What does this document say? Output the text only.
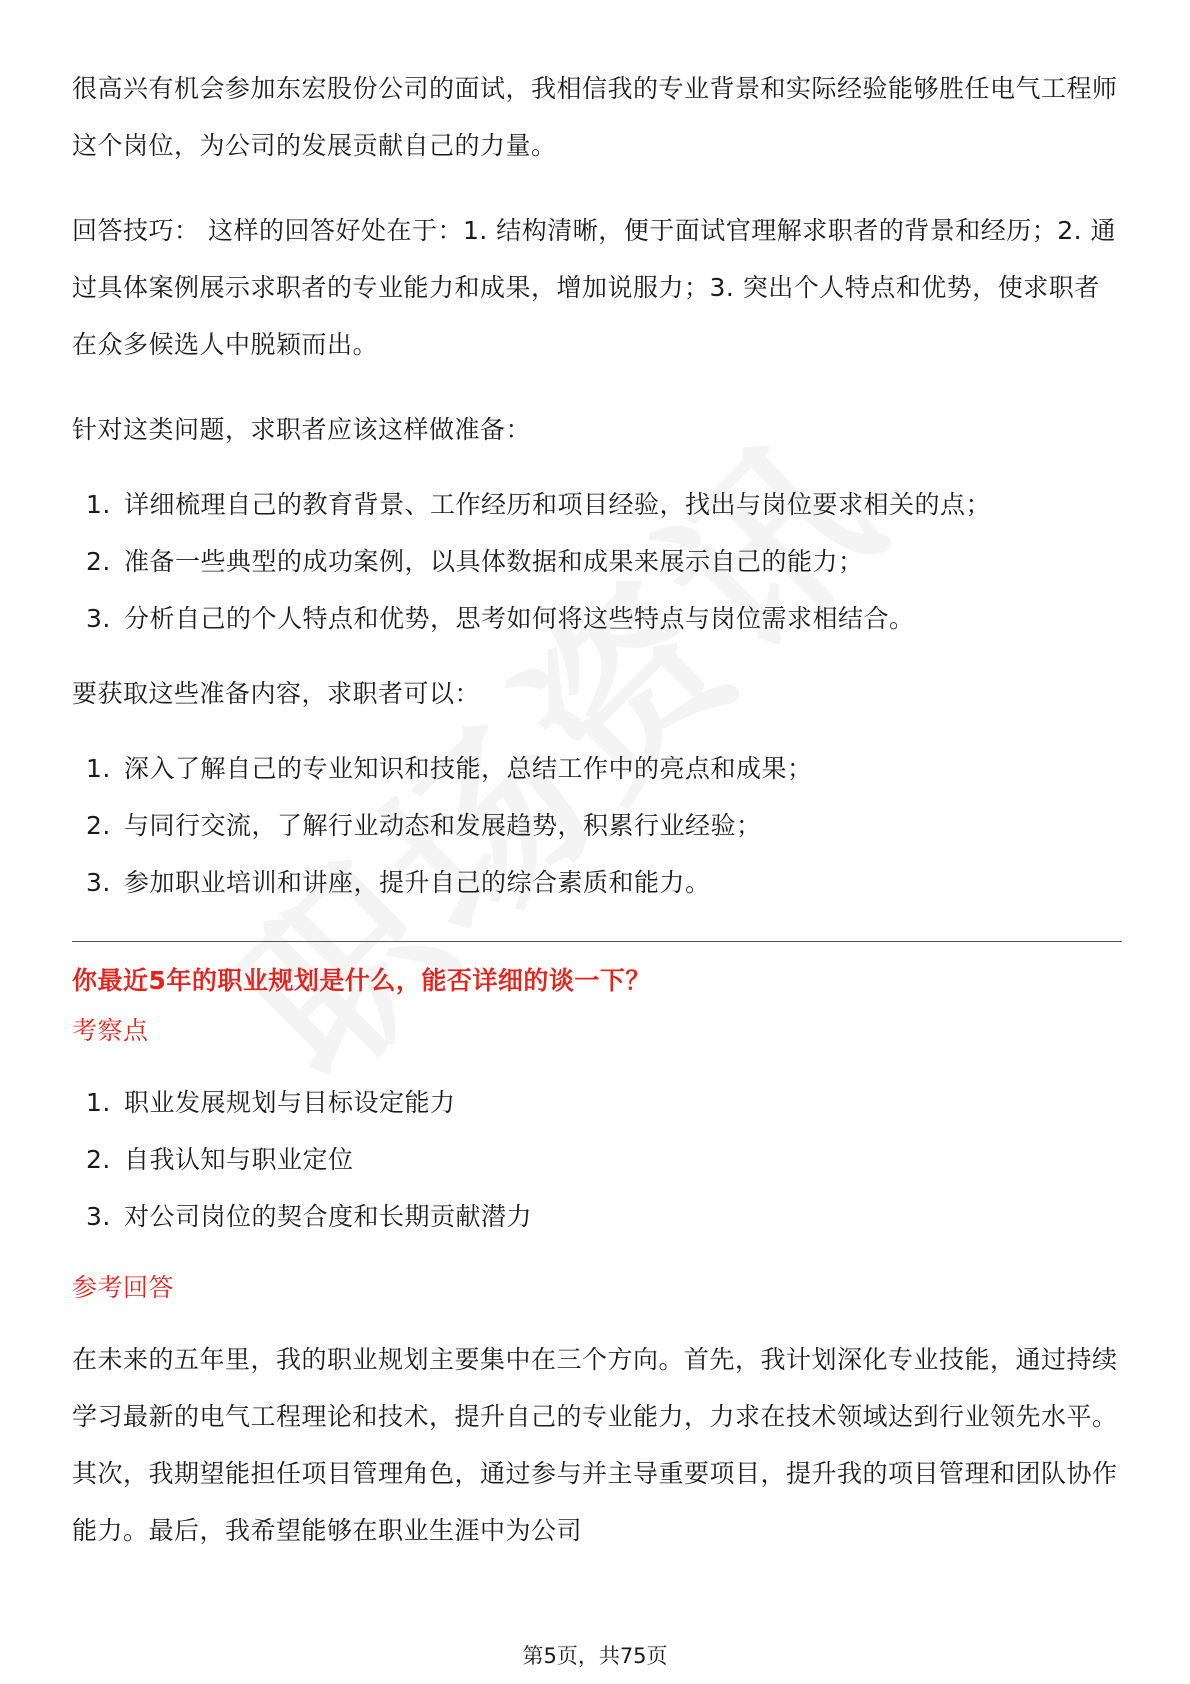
很高兴有机会参加东宏股份公司的面试，我相信我的专业背景和实际经验能够胜任电气工程师这个岗位，为公司的发展贡献自己的力量。

回答技巧： 这样的回答好处在于：1. 结构清晰，便于面试官理解求职者的背景和经历；2. 通过具体案例展示求职者的专业能力和成果，增加说服力；3. 突出个人特点和优势，使求职者在众多候选人中脱颖而出。

针对这类问题，求职者应该这样做准备：

1. 详细梳理自己的教育背景、工作经历和项目经验，找出与岗位要求相关的点；
2. 准备一些典型的成功案例，以具体数据和成果来展示自己的能力；
3. 分析自己的个人特点和优势，思考如何将这些特点与岗位需求相结合。

要获取这些准备内容，求职者可以：

1. 深入了解自己的专业知识和技能，总结工作中的亮点和成果；
2. 与同行交流，了解行业动态和发展趋势，积累行业经验；
3. 参加职业培训和讲座，提升自己的综合素质和能力。

你最近5年的职业规划是什么，能否详细的谈一下？

考察点

1. 职业发展规划与目标设定能力
2. 自我认知与职业定位
3. 对公司岗位的契合度和长期贡献潜力

参考回答

在未来的五年里，我的职业规划主要集中在三个方向。首先，我计划深化专业技能，通过持续学习最新的电气工程理论和技术，提升自己的专业能力，力求在技术领域达到行业领先水平。其次，我期望能担任项目管理角色，通过参与并主导重要项目，提升我的项目管理和团队协作能力。最后，我希望能够在职业生涯中为公司

第5页，共75页
